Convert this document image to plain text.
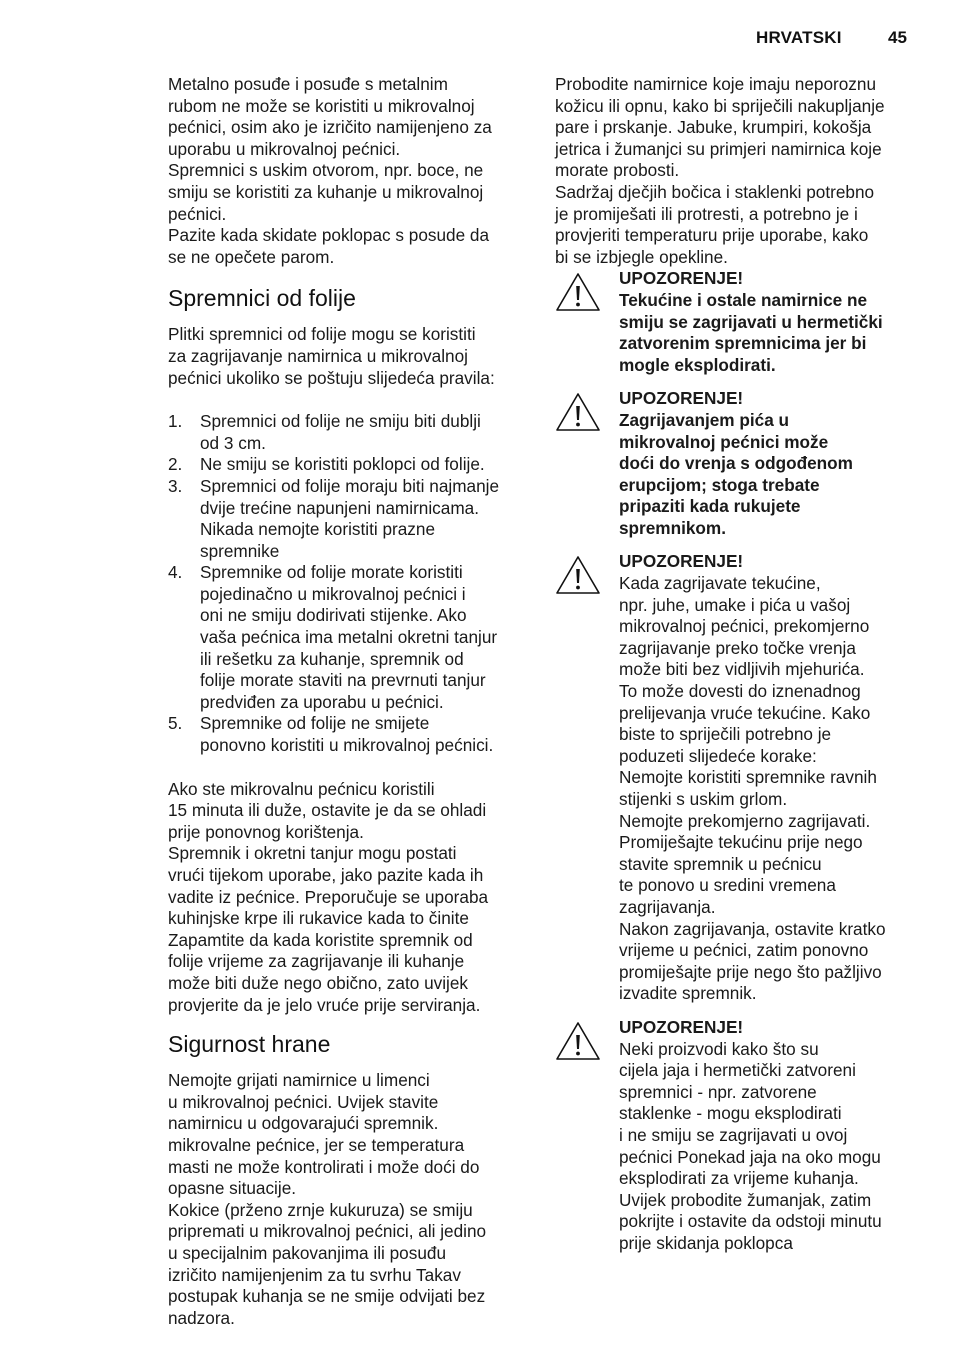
HRVATSKI	45

Metalno posuđe i posuđe s metalnim
rubom ne može se koristiti u mikrovalnoj
pećnici, osim ako je izričito namijenjeno za
uporabu u mikrovalnoj pećnici.
Spremnici s uskim otvorom, npr. boce, ne
smiju se koristiti za kuhanje u mikrovalnoj
pećnici.
Pazite kada skidate poklopac s posude da
se ne opečete parom.

Spremnici od folije

Plitki spremnici od folije mogu se koristiti
za zagrijavanje namirnica u mikrovalnoj
pećnici ukoliko se poštuju slijedeća pravila:

1. Spremnici od folije ne smiju biti dublji
od 3 cm.
2. Ne smiju se koristiti poklopci od folije.
3. Spremnici od folije moraju biti najmanje
dvije trećine napunjeni namirnicama.
Nikada nemojte koristiti prazne
spremnike
4. Spremnike od folije morate koristiti
pojedinačno u mikrovalnoj pećnici i
oni ne smiju dodirivati stijenke. Ako
vaša pećnica ima metalni okretni tanjur
ili rešetku za kuhanje, spremnik od
folije morate staviti na prevrnuti tanjur
predviđen za uporabu u pećnici.
5. Spremnike od folije ne smijete
ponovno koristiti u mikrovalnoj pećnici.

Ako ste mikrovalnu pećnicu koristili
15 minuta ili duže, ostavite je da se ohladi
prije ponovnog korištenja.
Spremnik i okretni tanjur mogu postati
vrući tijekom uporabe, jako pazite kada ih
vadite iz pećnice. Preporučuje se uporaba
kuhinjske krpe ili rukavice kada to činite
Zapamtite da kada koristite spremnik od
folije vrijeme za zagrijavanje ili kuhanje
može biti duže nego obično, zato uvijek
provjerite da je jelo vruće prije serviranja.

Sigurnost hrane

Nemojte grijati namirnice u limenci
u mikrovalnoj pećnici. Uvijek stavite
namirnicu u odgovarajući spremnik.
mikrovalne pećnice, jer se temperatura
masti ne može kontrolirati i može doći do
opasne situacije.
Kokice (prženo zrnje kukuruza) se smiju
pripremati u mikrovalnoj pećnici, ali jedino
u specijalnim pakovanjima ili posuđu
izričito namijenjenim za tu svrhu Takav
postupak kuhanja se ne smije odvijati bez
nadzora.

Probodite namirnice koje imaju neporoznu
kožicu ili opnu, kako bi spriječili nakupljanje
pare i prskanje. Jabuke, krumpiri, kokošja
jetrica i žumanjci su primjeri namirnica koje
morate probosti.
Sadržaj dječjih bočica i staklenki potrebno
je promiješati ili protresti, a potrebno je i
provjeriti temperaturu prije uporabe, kako
bi se izbjegle opekline.

UPOZORENJE!
Tekućine i ostale namirnice ne
smiju se zagrijavati u hermetički
zatvorenim spremnicima jer bi
mogle eksplodirati.
UPOZORENJE!
Zagrijavanjem pića u
mikrovalnoj pećnici može
doći do vrenja s odgođenom
erupcijom; stoga trebate
pripaziti kada rukujete
spremnikom.
UPOZORENJE!
Kada zagrijavate tekućine,
npr. juhe, umake i pića u vašoj
mikrovalnoj pećnici, prekomjerno
zagrijavanje preko točke vrenja
može biti bez vidljivih mjehurića.
To može dovesti do iznenadnog
prelijevanja vruće tekućine. Kako
biste to spriječili potrebno je
poduzeti slijedeće korake:
Nemojte koristiti spremnike ravnih
stijenki s uskim grlom.
Nemojte prekomjerno zagrijavati.
Promiješajte tekućinu prije nego
stavite spremnik u pećnicu
te ponovo u sredini vremena
zagrijavanja.
Nakon zagrijavanja, ostavite kratko
vrijeme u pećnici, zatim ponovno
promiješajte prije nego što pažljivo
izvadite spremnik.
UPOZORENJE!
Neki proizvodi kako što su
cijela jaja i hermetički zatvoreni
spremnici - npr. zatvorene
staklenke - mogu eksplodirati
i ne smiju se zagrijavati u ovoj
pećnici Ponekad jaja na oko mogu
eksplodirati za vrijeme kuhanja.
Uvijek probodite žumanjak, zatim
pokrijte i ostavite da odstoji minutu
prije skidanja poklopca
